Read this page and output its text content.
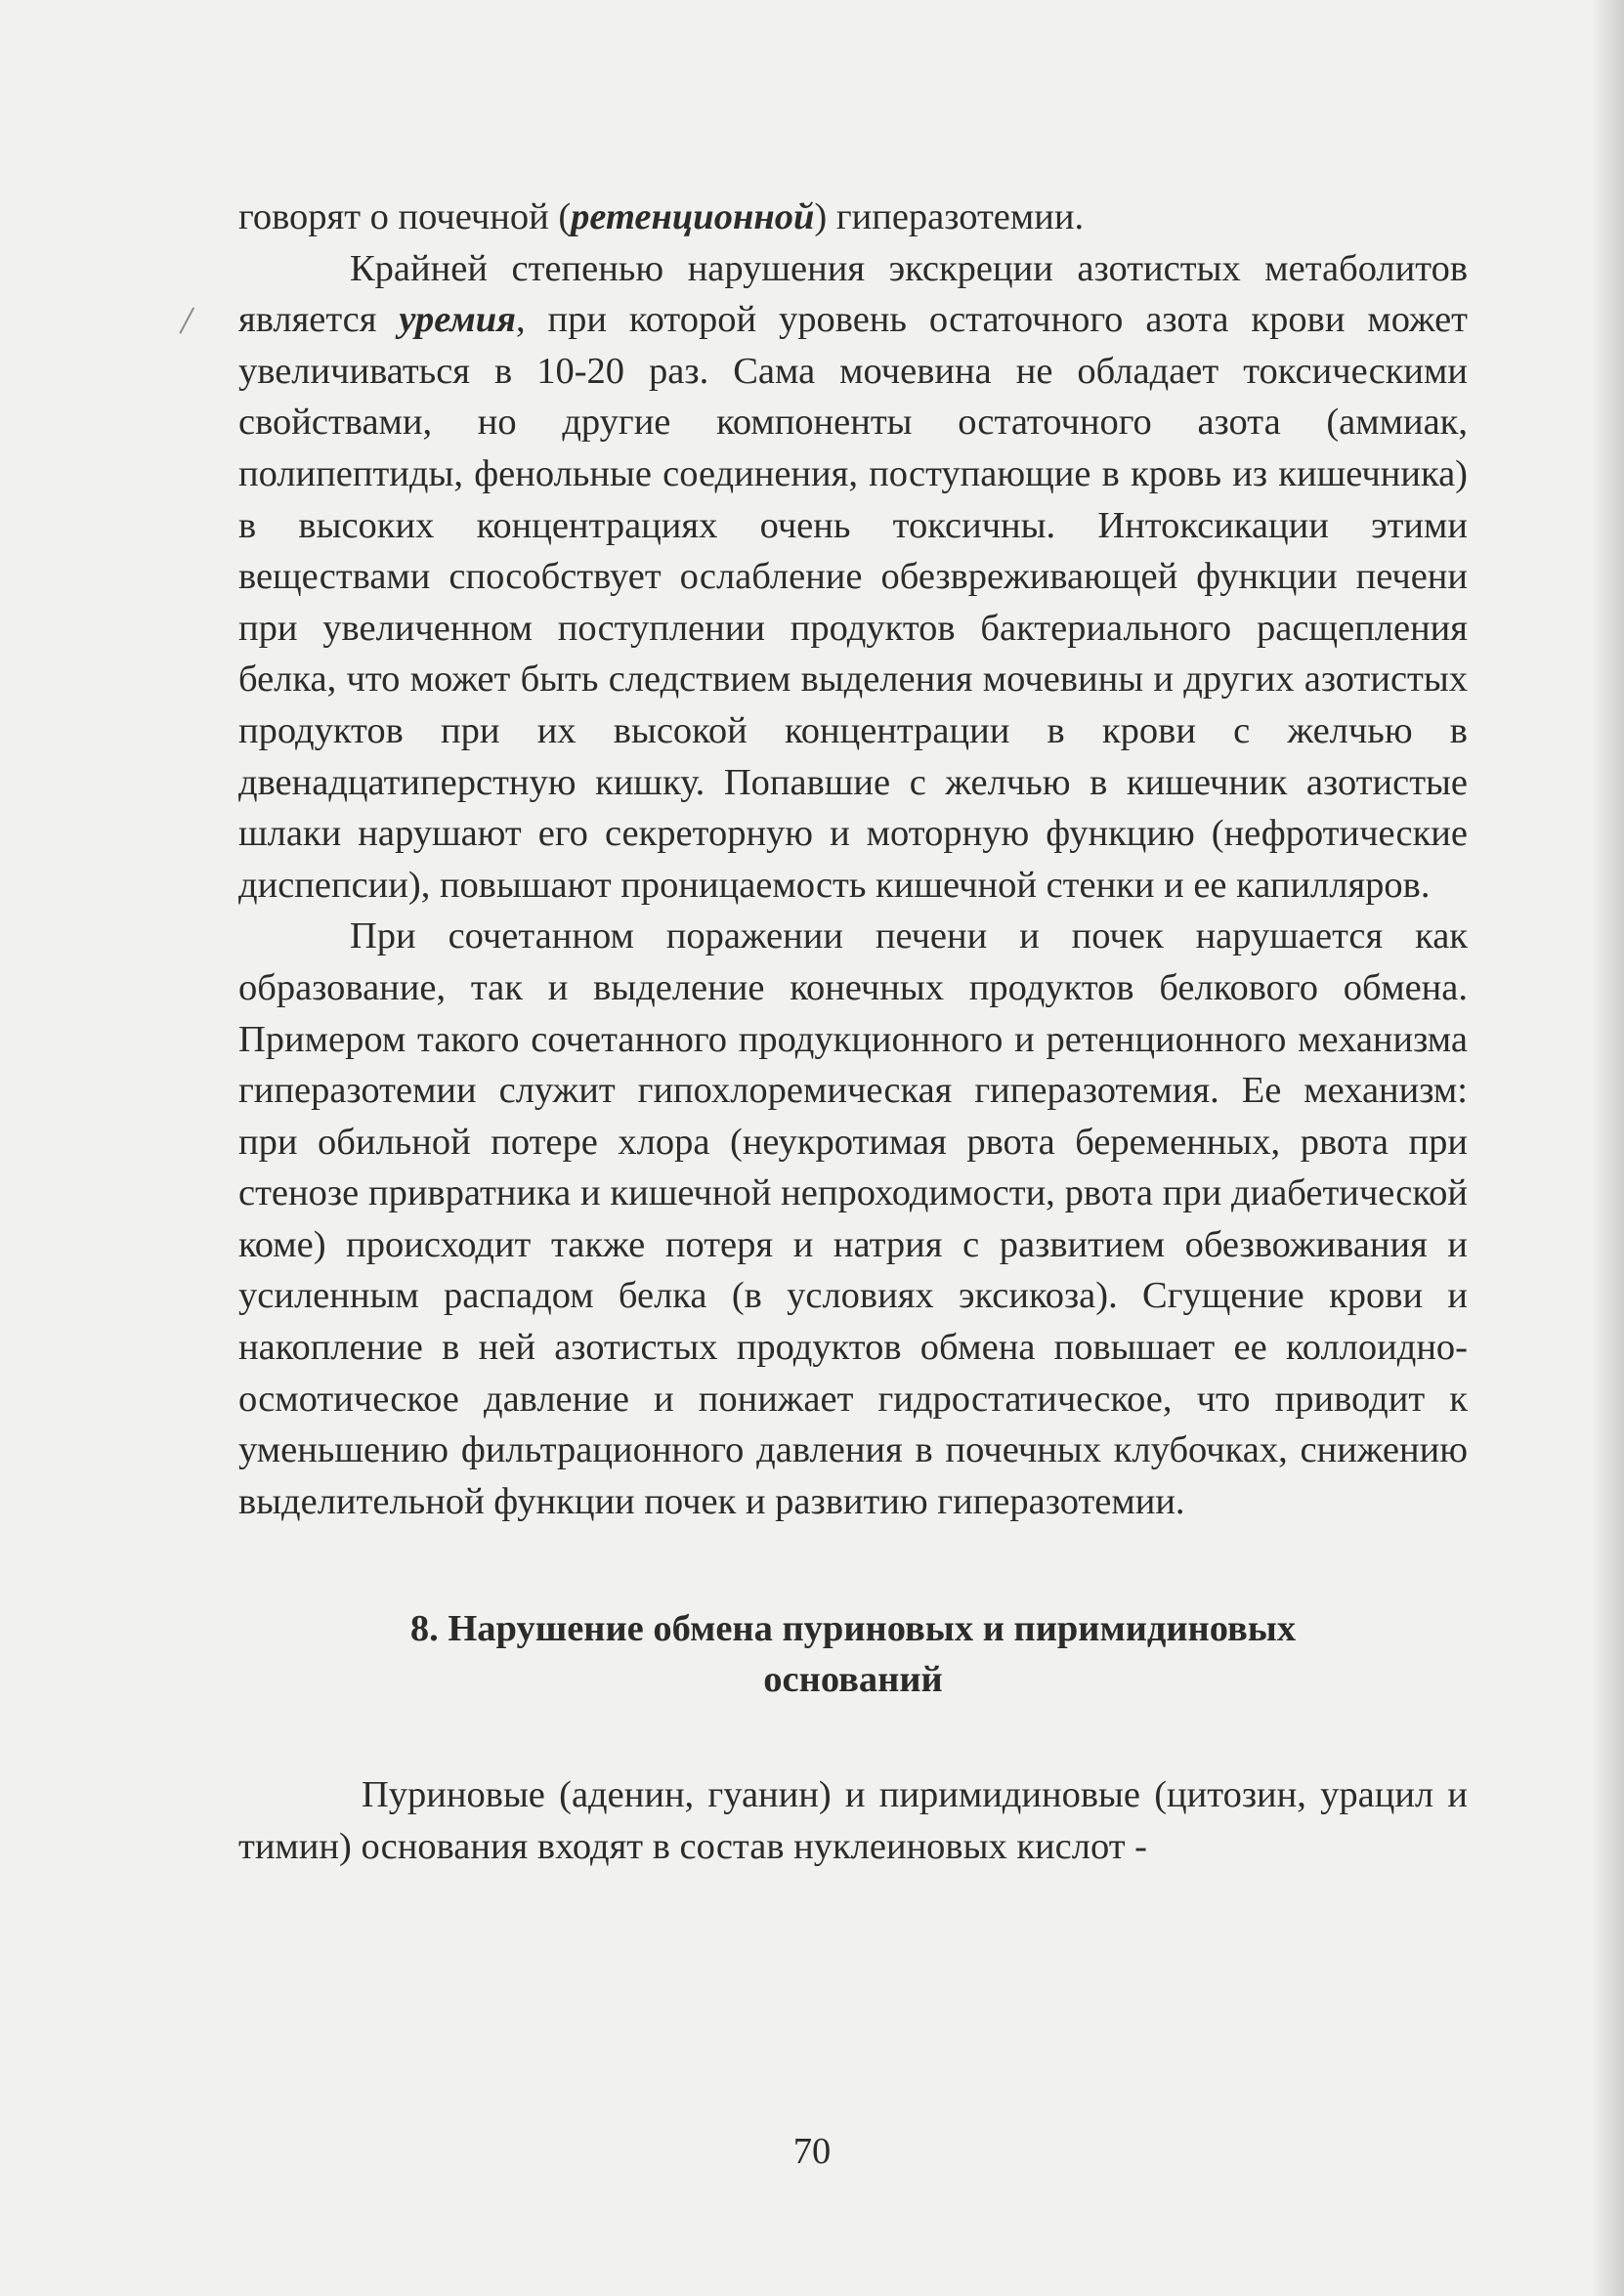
говорят о почечной (ретенционной) гиперазотемии.

Крайней степенью нарушения экскреции азотистых метаболитов является уремия, при которой уровень остаточного азота крови может увеличиваться в 10-20 раз. Сама мочевина не обладает токсическими свойствами, но другие компоненты остаточного азота (аммиак, полипептиды, фенольные соединения, поступающие в кровь из кишечника) в высоких концентрациях очень токсичны. Интоксикации этими веществами способствует ослабление обезвреживающей функции печени при увеличенном поступлении продуктов бактериального расщепления белка, что может быть следствием выделения мочевины и других азотистых продуктов при их высокой концентрации в крови с желчью в двенадцатиперстную кишку. Попавшие с желчью в кишечник азотистые шлаки нарушают его секреторную и моторную функцию (нефротические диспепсии), повышают проницаемость кишечной стенки и ее капилляров.

При сочетанном поражении печени и почек нарушается как образование, так и выделение конечных продуктов белкового обмена. Примером такого сочетанного продукционного и ретенционного механизма гиперазотемии служит гипохлоремическая гиперазотемия. Ее механизм: при обильной потере хлора (неукротимая рвота беременных, рвота при стенозе привратника и кишечной непроходимости, рвота при диабетической коме) происходит также потеря и натрия с развитием обезвоживания и усиленным распадом белка (в условиях эксикоза). Сгущение крови и накопление в ней азотистых продуктов обмена повышает ее коллоидно-осмотическое давление и понижает гидростатическое, что приводит к уменьшению фильтрационного давления в почечных клубочках, снижению выделительной функции почек и развитию гиперазотемии.

8. Нарушение обмена пуриновых и пиримидиновых
оснований

Пуриновые (аденин, гуанин) и пиримидиновые (цитозин, урацил и тимин) основания входят в состав нуклеиновых кислот -

70
